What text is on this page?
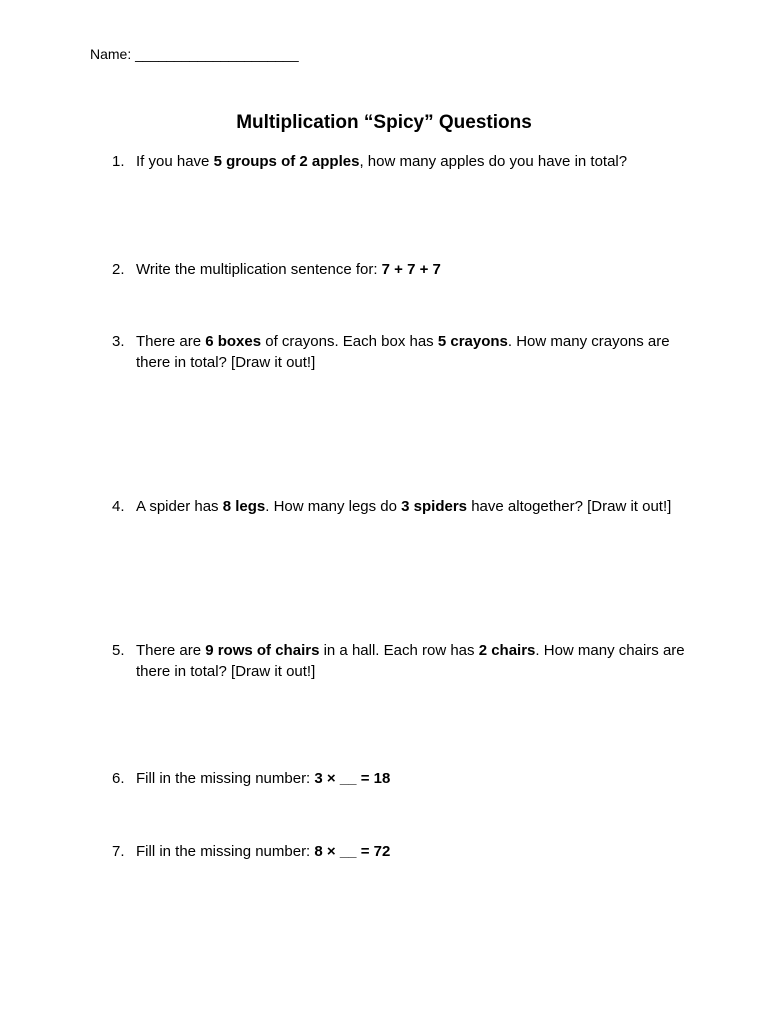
Name: _____________________
Multiplication “Spicy” Questions
1. If you have 5 groups of 2 apples, how many apples do you have in total?
2. Write the multiplication sentence for: 7 + 7 + 7
3. There are 6 boxes of crayons. Each box has 5 crayons. How many crayons are there in total? [Draw it out!]
4. A spider has 8 legs. How many legs do 3 spiders have altogether? [Draw it out!]
5. There are 9 rows of chairs in a hall. Each row has 2 chairs. How many chairs are there in total? [Draw it out!]
6. Fill in the missing number: 3 × __ = 18
7. Fill in the missing number: 8 × __ = 72
